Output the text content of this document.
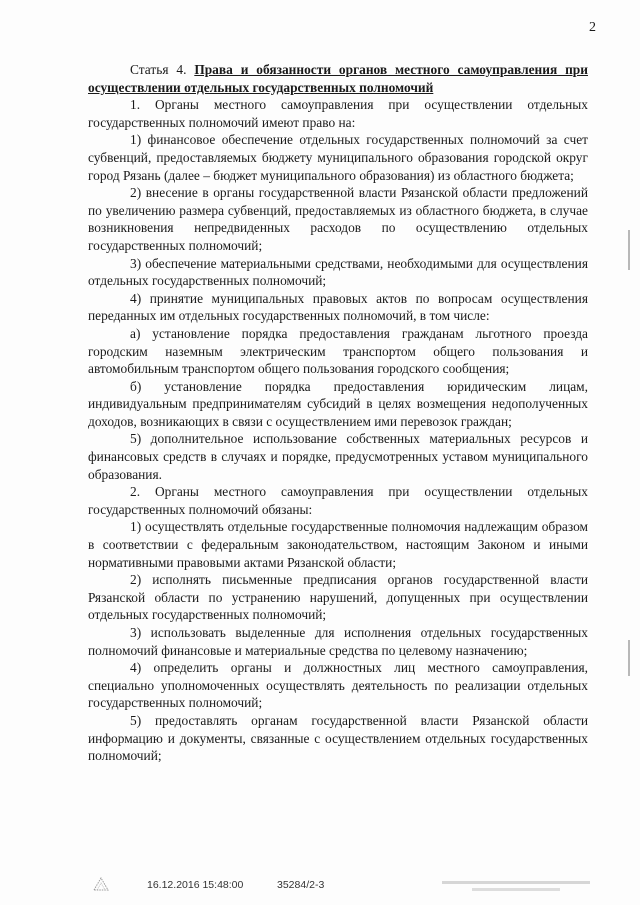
2

Статья 4. Права и обязанности органов местного самоуправления при осуществлении отдельных государственных полномочий

1. Органы местного самоуправления при осуществлении отдельных государственных полномочий имеют право на:

1) финансовое обеспечение отдельных государственных полномочий за счет субвенций, предоставляемых бюджету муниципального образования городской округ город Рязань (далее – бюджет муниципального образования) из областного бюджета;

2) внесение в органы государственной власти Рязанской области предложений по увеличению размера субвенций, предоставляемых из областного бюджета, в случае возникновения непредвиденных расходов по осуществлению отдельных государственных полномочий;

3) обеспечение материальными средствами, необходимыми для осуществления отдельных государственных полномочий;

4) принятие муниципальных правовых актов по вопросам осуществления переданных им отдельных государственных полномочий, в том числе:

а) установление порядка предоставления гражданам льготного проезда городским наземным электрическим транспортом общего пользования и автомобильным транспортом общего пользования городского сообщения;

б) установление порядка предоставления юридическим лицам, индивидуальным предпринимателям субсидий в целях возмещения недополученных доходов, возникающих в связи с осуществлением ими перевозок граждан;

5) дополнительное использование собственных материальных ресурсов и финансовых средств в случаях и порядке, предусмотренных уставом муниципального образования.

2. Органы местного самоуправления при осуществлении отдельных государственных полномочий обязаны:

1) осуществлять отдельные государственные полномочия надлежащим образом в соответствии с федеральным законодательством, настоящим Законом и иными нормативными правовыми актами Рязанской области;

2) исполнять письменные предписания органов государственной власти Рязанской области по устранению нарушений, допущенных при осуществлении отдельных государственных полномочий;

3) использовать выделенные для исполнения отдельных государственных полномочий финансовые и материальные средства по целевому назначению;

4) определить органы и должностных лиц местного самоуправления, специально уполномоченных осуществлять деятельность по реализации отдельных государственных полномочий;

5) предоставлять органам государственной власти Рязанской области информацию и документы, связанные с осуществлением отдельных государственных полномочий;

16.12.2016 15:48:00	35284/2-3
